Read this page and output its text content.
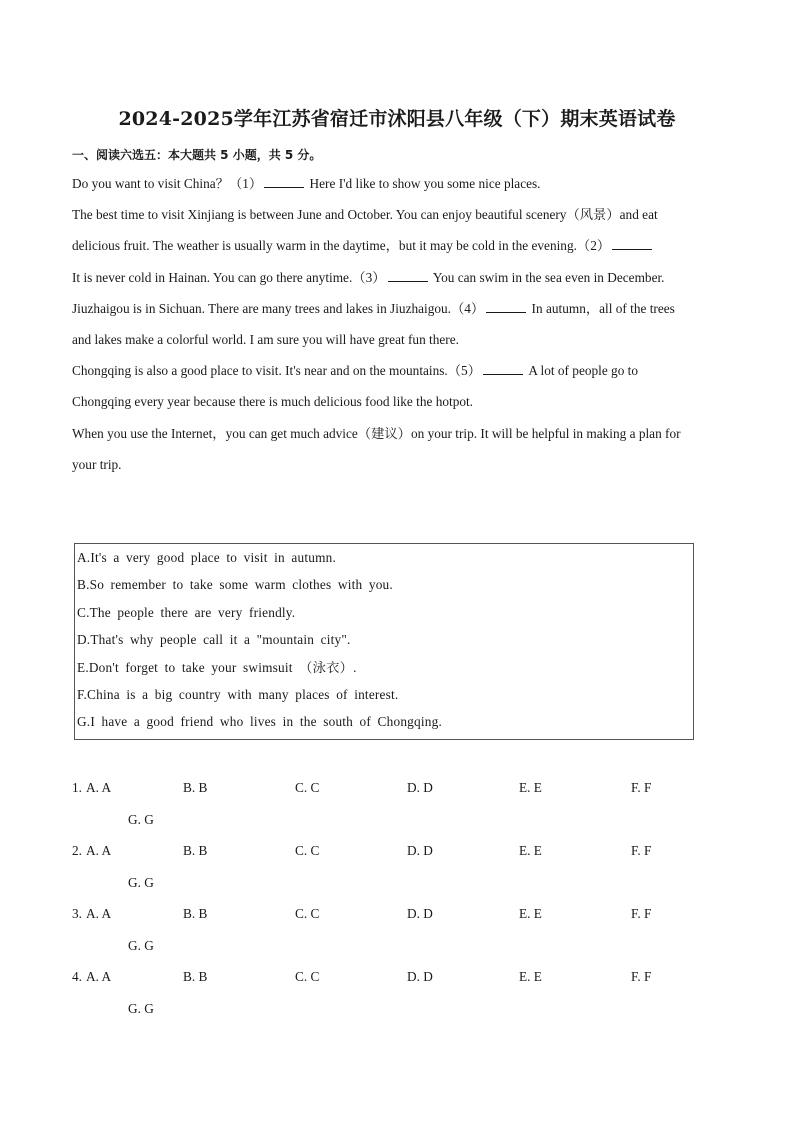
2024-2025学年江苏省宿迁市沭阳县八年级（下）期末英语试卷
一、阅读六选五：本大题共 5 小题，共 5 分。
Do you want to visit China？（1）	Here I'd like to show you some nice places.
The best time to visit Xinjiang is between June and October. You can enjoy beautiful scenery（风景）and eat
delicious fruit. The weather is usually warm in the daytime，but it may be cold in the evening.（2）
It is never cold in Hainan. You can go there anytime.（3）	You can swim in the sea even in December.
Jiuzhaigou is in Sichuan. There are many trees and lakes in Jiuzhaigou.（4）	In autumn，all of the trees
and lakes make a colorful world. I am sure you will have great fun there.
Chongqing is also a good place to visit. It's near and on the mountains.（5）	A lot of people go to
Chongqing every year because there is much delicious food like the hotpot.
When you use the Internet，you can get much advice（建议）on your trip. It will be helpful in making a plan for
your trip.
A.It's a very good place to visit in autumn.
B.So remember to take some warm clothes with you.
C.The people there are very friendly.
D.That's why people call it a "mountain city".
E.Don't forget to take your swimsuit （泳衣）.
F.China is a big country with many places of interest.
G.I have a good friend who lives in the south of Chongqing.
1. A. A	B. B	C. C	D. D	E. E	F. F
G. G
2. A. A	B. B	C. C	D. D	E. E	F. F
G. G
3. A. A	B. B	C. C	D. D	E. E	F. F
G. G
4. A. A	B. B	C. C	D. D	E. E	F. F
G. G
